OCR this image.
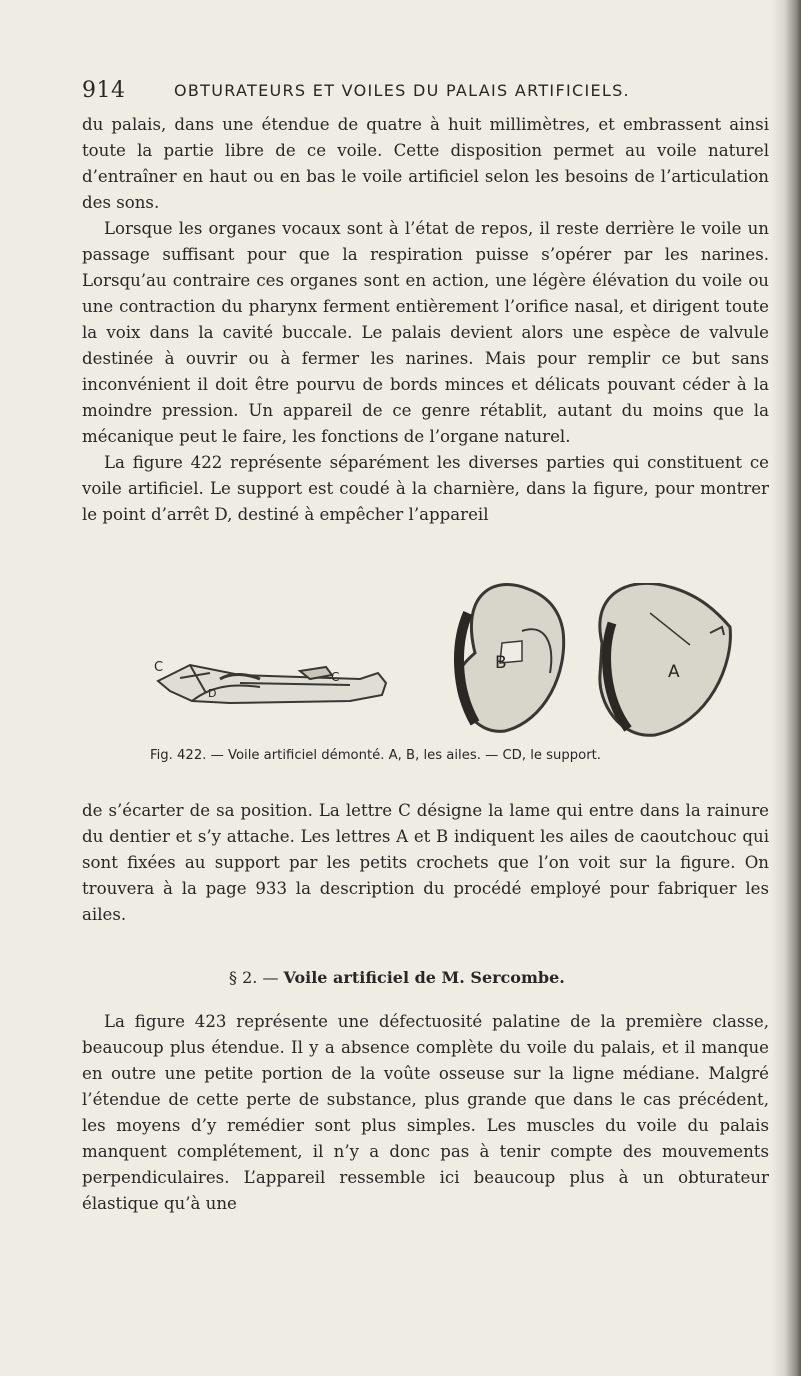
914	OBTURATEURS ET VOILES DU PALAIS ARTIFICIELS.

du palais, dans une étendue de quatre à huit millimètres, et embrassent ainsi toute la partie libre de ce voile. Cette disposition permet au voile naturel d’entraîner en haut ou en bas le voile artificiel selon les besoins de l’articulation des sons.

Lorsque les organes vocaux sont à l’état de repos, il reste derrière le voile un passage suffisant pour que la respiration puisse s’opérer par les narines. Lorsqu’au contraire ces organes sont en action, une légère élévation du voile ou une contraction du pharynx ferment entièrement l’orifice nasal, et dirigent toute la voix dans la cavité buccale. Le palais devient alors une espèce de valvule destinée à ouvrir ou à fermer les narines. Mais pour remplir ce but sans inconvénient il doit être pourvu de bords minces et délicats pouvant céder à la moindre pression. Un appareil de ce genre rétablit, autant du moins que la mécanique peut le faire, les fonctions de l’organe naturel.

La figure 422 représente séparément les diverses parties qui constituent ce voile artificiel. Le support est coudé à la charnière, dans la figure, pour montrer le point d’arrêt D, destiné à empêcher l’appareil

C
C
D
B	A
Fig. 422. — Voile artificiel démonté. A, B, les ailes. — CD, le support.

de s’écarter de sa position. La lettre C désigne la lame qui entre dans la rainure du dentier et s’y attache. Les lettres A et B indiquent les ailes de caoutchouc qui sont fixées au support par les petits crochets que l’on voit sur la figure. On trouvera à la page 933 la description du procédé employé pour fabriquer les ailes.

§ 2. — Voile artificiel de M. Sercombe.

La figure 423 représente une défectuosité palatine de la première classe, beaucoup plus étendue. Il y a absence complète du voile du palais, et il manque en outre une petite portion de la voûte osseuse sur la ligne médiane. Malgré l’étendue de cette perte de substance, plus grande que dans le cas précédent, les moyens d’y remédier sont plus simples. Les muscles du voile du palais manquent complétement, il n’y a donc pas à tenir compte des mouvements perpendiculaires. L’appareil ressemble ici beaucoup plus à un obturateur élastique qu’à une
